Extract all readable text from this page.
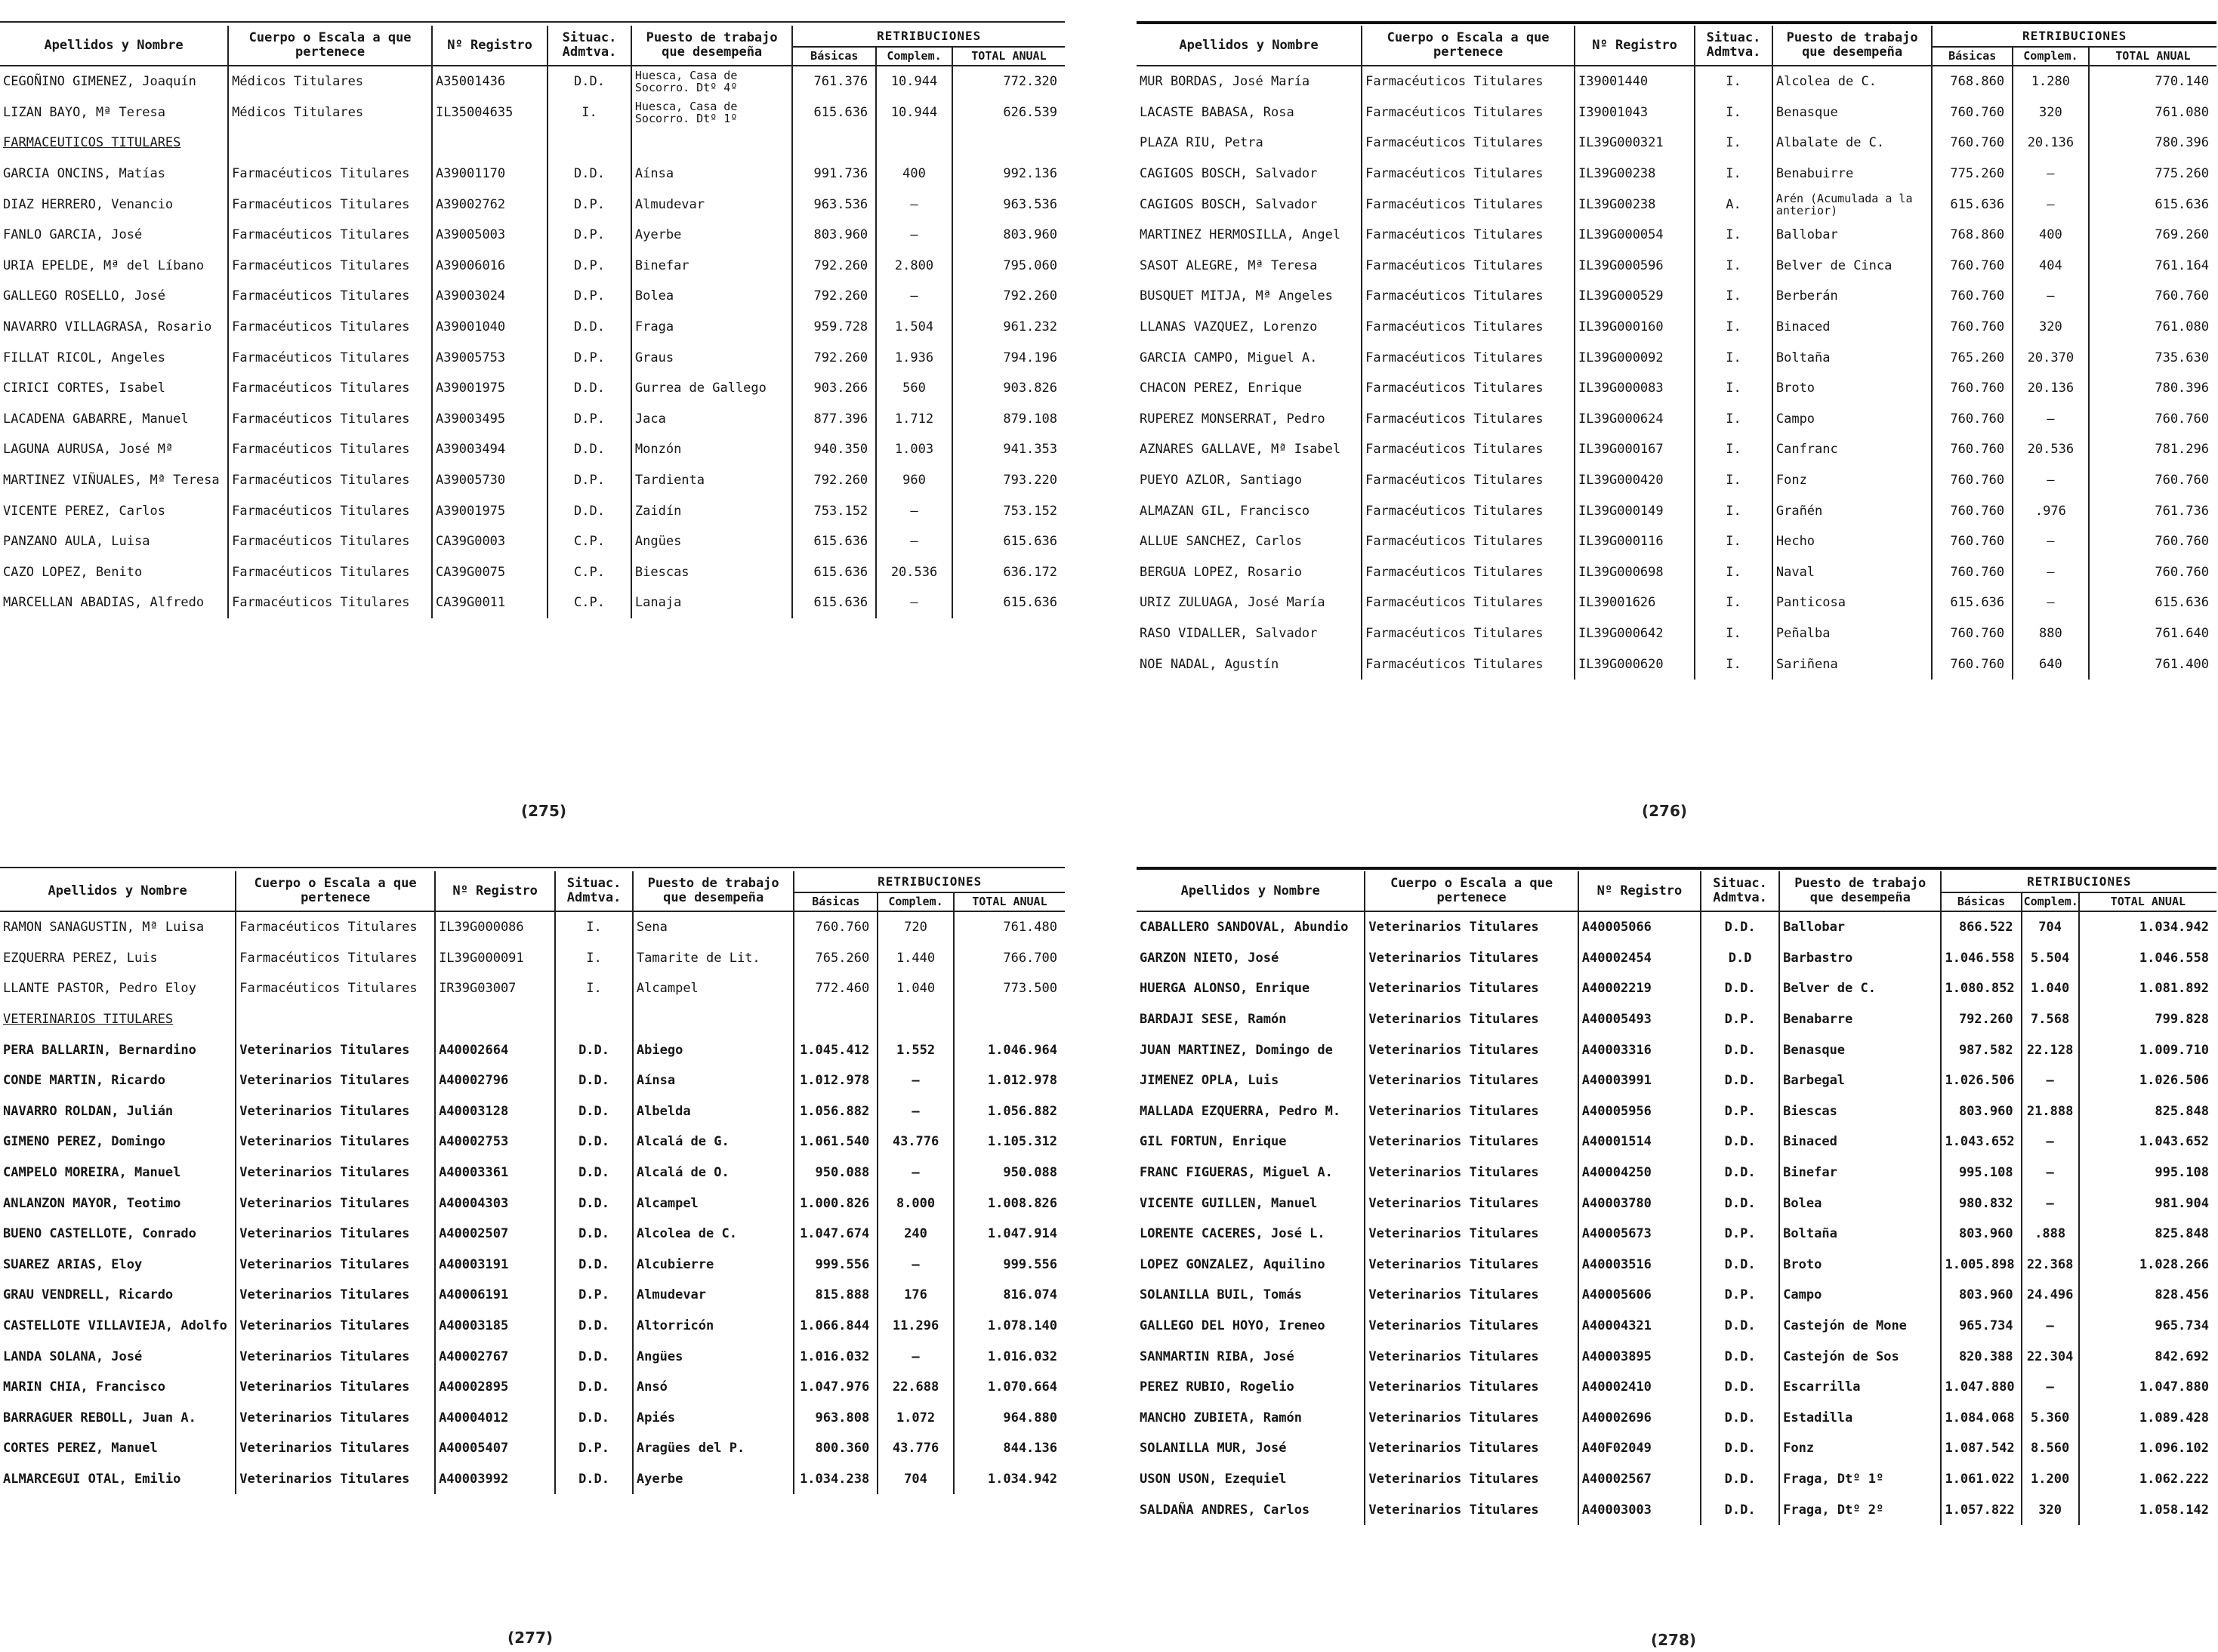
Apellidos y Nombre	Cuerpo o Escala a que pertenece	Nº Registro	Situac. Admtva.	Puesto de trabajo que desempeña	RETRIBUCIONES		
					Básicas	Complem.	TOTAL ANUAL
CEGOÑINO GIMENEZ, Joaquín	Médicos Titulares	A35001436	D.D.	Huesca, Casa de Socorro. Dtº 4º	761.376	10.944	772.320
LIZAN BAYO, Mª Teresa	Médicos Titulares	IL35004635	I.	Huesca, Casa de Socorro. Dtº 1º	615.636	10.944	626.539
FARMACEUTICOS TITULARES							
GARCIA ONCINS, Matías	Farmacéuticos Titulares	A39001170	D.D.	Aínsa	991.736	400	992.136
DIAZ HERRERO, Venancio	Farmacéuticos Titulares	A39002762	D.P.	Almudevar	963.536	—	963.536
FANLO GARCIA, José	Farmacéuticos Titulares	A39005003	D.P.	Ayerbe	803.960	—	803.960
URIA EPELDE, Mª del Líbano	Farmacéuticos Titulares	A39006016	D.P.	Binefar	792.260	2.800	795.060
GALLEGO ROSELLO, José	Farmacéuticos Titulares	A39003024	D.P.	Bolea	792.260	—	792.260
NAVARRO VILLAGRASA, Rosario	Farmacéuticos Titulares	A39001040	D.D.	Fraga	959.728	1.504	961.232
FILLAT RICOL, Angeles	Farmacéuticos Titulares	A39005753	D.P.	Graus	792.260	1.936	794.196
CIRICI CORTES, Isabel	Farmacéuticos Titulares	A39001975	D.D.	Gurrea de Gallego	903.266	560	903.826
LACADENA GABARRE, Manuel	Farmacéuticos Titulares	A39003495	D.P.	Jaca	877.396	1.712	879.108
LAGUNA AURUSA, José Mª	Farmacéuticos Titulares	A39003494	D.D.	Monzón	940.350	1.003	941.353
MARTINEZ VIÑUALES, Mª Teresa	Farmacéuticos Titulares	A39005730	D.P.	Tardienta	792.260	960	793.220
VICENTE PEREZ, Carlos	Farmacéuticos Titulares	A39001975	D.D.	Zaidín	753.152	—	753.152
PANZANO AULA, Luisa	Farmacéuticos Titulares	CA39G0003	C.P.	Angües	615.636	—	615.636
CAZO LOPEZ, Benito	Farmacéuticos Titulares	CA39G0075	C.P.	Biescas	615.636	20.536	636.172
MARCELLAN ABADIAS, Alfredo	Farmacéuticos Titulares	CA39G0011	C.P.	Lanaja	615.636	—	615.636
Apellidos y Nombre	Cuerpo o Escala a que pertenece	Nº Registro	Situac. Admtva.	Puesto de trabajo que desempeña	RETRIBUCIONES		
					Básicas	Complem.	TOTAL ANUAL
MUR BORDAS, José María	Farmacéuticos Titulares	I39001440	I.	Alcolea de C.	768.860	1.280	770.140
LACASTE BABASA, Rosa	Farmacéuticos Titulares	I39001043	I.	Benasque	760.760	320	761.080
PLAZA RIU, Petra	Farmacéuticos Titulares	IL39G000321	I.	Albalate de C.	760.760	20.136	780.396
CAGIGOS BOSCH, Salvador	Farmacéuticos Titulares	IL39G00238	I.	Benabuirre	775.260	—	775.260
CAGIGOS BOSCH, Salvador	Farmacéuticos Titulares	IL39G00238	A.	Arén (Acumulada a la anterior)	615.636	—	615.636
MARTINEZ HERMOSILLA, Angel	Farmacéuticos Titulares	IL39G000054	I.	Ballobar	768.860	400	769.260
SASOT ALEGRE, Mª Teresa	Farmacéuticos Titulares	IL39G000596	I.	Belver de Cinca	760.760	404	761.164
BUSQUET MITJA, Mª Angeles	Farmacéuticos Titulares	IL39G000529	I.	Berberán	760.760	—	760.760
LLANAS VAZQUEZ, Lorenzo	Farmacéuticos Titulares	IL39G000160	I.	Binaced	760.760	320	761.080
GARCIA CAMPO, Miguel A.	Farmacéuticos Titulares	IL39G000092	I.	Boltaña	765.260	20.370	735.630
CHACON PEREZ, Enrique	Farmacéuticos Titulares	IL39G000083	I.	Broto	760.760	20.136	780.396
RUPEREZ MONSERRAT, Pedro	Farmacéuticos Titulares	IL39G000624	I.	Campo	760.760	—	760.760
AZNARES GALLAVE, Mª Isabel	Farmacéuticos Titulares	IL39G000167	I.	Canfranc	760.760	20.536	781.296
PUEYO AZLOR, Santiago	Farmacéuticos Titulares	IL39G000420	I.	Fonz	760.760	—	760.760
ALMAZAN GIL, Francisco	Farmacéuticos Titulares	IL39G000149	I.	Grañén	760.760	.976	761.736
ALLUE SANCHEZ, Carlos	Farmacéuticos Titulares	IL39G000116	I.	Hecho	760.760	—	760.760
BERGUA LOPEZ, Rosario	Farmacéuticos Titulares	IL39G000698	I.	Naval	760.760	—	760.760
URIZ ZULUAGA, José María	Farmacéuticos Titulares	IL39001626	I.	Panticosa	615.636	—	615.636
RASO VIDALLER, Salvador	Farmacéuticos Titulares	IL39G000642	I.	Peñalba	760.760	880	761.640
NOE NADAL, Agustín	Farmacéuticos Titulares	IL39G000620	I.	Sariñena	760.760	640	761.400
Apellidos y Nombre	Cuerpo o Escala a que pertenece	Nº Registro	Situac. Admtva.	Puesto de trabajo que desempeña	RETRIBUCIONES		
					Básicas	Complem.	TOTAL ANUAL
RAMON SANAGUSTIN, Mª Luisa	Farmacéuticos Titulares	IL39G000086	I.	Sena	760.760	720	761.480
EZQUERRA PEREZ, Luis	Farmacéuticos Titulares	IL39G000091	I.	Tamarite de Lit.	765.260	1.440	766.700
LLANTE PASTOR, Pedro Eloy	Farmacéuticos Titulares	IR39G03007	I.	Alcampel	772.460	1.040	773.500
VETERINARIOS TITULARES							
PERA BALLARIN, Bernardino	Veterinarios Titulares	A40002664	D.D.	Abiego	1.045.412	1.552	1.046.964
CONDE MARTIN, Ricardo	Veterinarios Titulares	A40002796	D.D.	Aínsa	1.012.978	—	1.012.978
NAVARRO ROLDAN, Julián	Veterinarios Titulares	A40003128	D.D.	Albelda	1.056.882	—	1.056.882
GIMENO PEREZ, Domingo	Veterinarios Titulares	A40002753	D.D.	Alcalá de G.	1.061.540	43.776	1.105.312
CAMPELO MOREIRA, Manuel	Veterinarios Titulares	A40003361	D.D.	Alcalá de O.	950.088	—	950.088
ANLANZON MAYOR, Teotimo	Veterinarios Titulares	A40004303	D.D.	Alcampel	1.000.826	8.000	1.008.826
BUENO CASTELLOTE, Conrado	Veterinarios Titulares	A40002507	D.D.	Alcolea de C.	1.047.674	240	1.047.914
SUAREZ ARIAS, Eloy	Veterinarios Titulares	A40003191	D.D.	Alcubierre	999.556	—	999.556
GRAU VENDRELL, Ricardo	Veterinarios Titulares	A40006191	D.P.	Almudevar	815.888	176	816.074
CASTELLOTE VILLAVIEJA, Adolfo	Veterinarios Titulares	A40003185	D.D.	Altorricón	1.066.844	11.296	1.078.140
LANDA SOLANA, José	Veterinarios Titulares	A40002767	D.D.	Angües	1.016.032	—	1.016.032
MARIN CHIA, Francisco	Veterinarios Titulares	A40002895	D.D.	Ansó	1.047.976	22.688	1.070.664
BARRAGUER REBOLL, Juan A.	Veterinarios Titulares	A40004012	D.D.	Apiés	963.808	1.072	964.880
CORTES PEREZ, Manuel	Veterinarios Titulares	A40005407	D.P.	Aragües del P.	800.360	43.776	844.136
ALMARCEGUI OTAL, Emilio	Veterinarios Titulares	A40003992	D.D.	Ayerbe	1.034.238	704	1.034.942
Apellidos y Nombre	Cuerpo o Escala a que pertenece	Nº Registro	Situac. Admtva.	Puesto de trabajo que desempeña	RETRIBUCIONES		
					Básicas	Complem.	TOTAL ANUAL
CABALLERO SANDOVAL, Abundio	Veterinarios Titulares	A40005066	D.D.	Ballobar	866.522	704	1.034.942
GARZON NIETO, José	Veterinarios Titulares	A40002454	D.D	Barbastro	1.046.558	5.504	1.046.558
HUERGA ALONSO, Enrique	Veterinarios Titulares	A40002219	D.D.	Belver de C.	1.080.852	1.040	1.081.892
BARDAJI SESE, Ramón	Veterinarios Titulares	A40005493	D.P.	Benabarre	792.260	7.568	799.828
JUAN MARTINEZ, Domingo de	Veterinarios Titulares	A40003316	D.D.	Benasque	987.582	22.128	1.009.710
JIMENEZ OPLA, Luis	Veterinarios Titulares	A40003991	D.D.	Barbegal	1.026.506	—	1.026.506
MALLADA EZQUERRA, Pedro M.	Veterinarios Titulares	A40005956	D.P.	Biescas	803.960	21.888	825.848
GIL FORTUN, Enrique	Veterinarios Titulares	A40001514	D.D.	Binaced	1.043.652	—	1.043.652
FRANC FIGUERAS, Miguel A.	Veterinarios Titulares	A40004250	D.D.	Binefar	995.108	—	995.108
VICENTE GUILLEN, Manuel	Veterinarios Titulares	A40003780	D.D.	Bolea	980.832	—	981.904
LORENTE CACERES, José L.	Veterinarios Titulares	A40005673	D.P.	Boltaña	803.960	.888	825.848
LOPEZ GONZALEZ, Aquilino	Veterinarios Titulares	A40003516	D.D.	Broto	1.005.898	22.368	1.028.266
SOLANILLA BUIL, Tomás	Veterinarios Titulares	A40005606	D.P.	Campo	803.960	24.496	828.456
GALLEGO DEL HOYO, Ireneo	Veterinarios Titulares	A40004321	D.D.	Castejón de Mone	965.734	—	965.734
SANMARTIN RIBA, José	Veterinarios Titulares	A40003895	D.D.	Castejón de Sos	820.388	22.304	842.692
PEREZ RUBIO, Rogelio	Veterinarios Titulares	A40002410	D.D.	Escarrilla	1.047.880	—	1.047.880
MANCHO ZUBIETA, Ramón	Veterinarios Titulares	A40002696	D.D.	Estadilla	1.084.068	5.360	1.089.428
SOLANILLA MUR, José	Veterinarios Titulares	A40F02049	D.D.	Fonz	1.087.542	8.560	1.096.102
USON USON, Ezequiel	Veterinarios Titulares	A40002567	D.D.	Fraga, Dtº 1º	1.061.022	1.200	1.062.222
SALDAÑA ANDRES, Carlos	Veterinarios Titulares	A40003003	D.D.	Fraga, Dtº 2º	1.057.822	320	1.058.142
(275)	(276)
(277)	(278)
